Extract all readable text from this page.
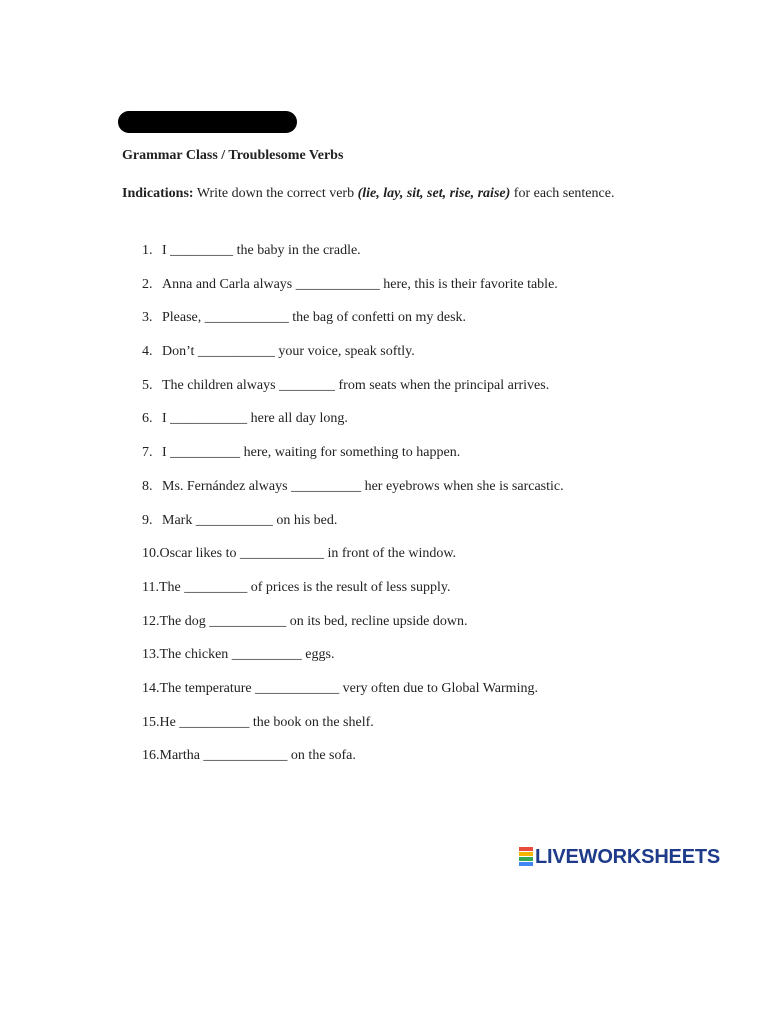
Grammar Class / Troublesome Verbs
Indications: Write down the correct verb (lie, lay, sit, set, rise, raise) for each sentence.
1. I _________ the baby in the cradle.
2. Anna and Carla always ____________ here, this is their favorite table.
3. Please, ____________ the bag of confetti on my desk.
4. Don’t ___________ your voice, speak softly.
5. The children always ________ from seats when the principal arrives.
6. I ___________ here all day long.
7. I __________ here, waiting for something to happen.
8. Ms. Fernández always __________ her eyebrows when she is sarcastic.
9. Mark ___________ on his bed.
10.Oscar likes to ____________ in front of the window.
11.The _________ of prices is the result of less supply.
12.The dog ___________ on its bed, recline upside down.
13.The chicken __________ eggs.
14.The temperature ____________ very often due to Global Warming.
15.He __________ the book on the shelf.
16.Martha ____________ on the sofa.
LIVEWORKSHEETS
